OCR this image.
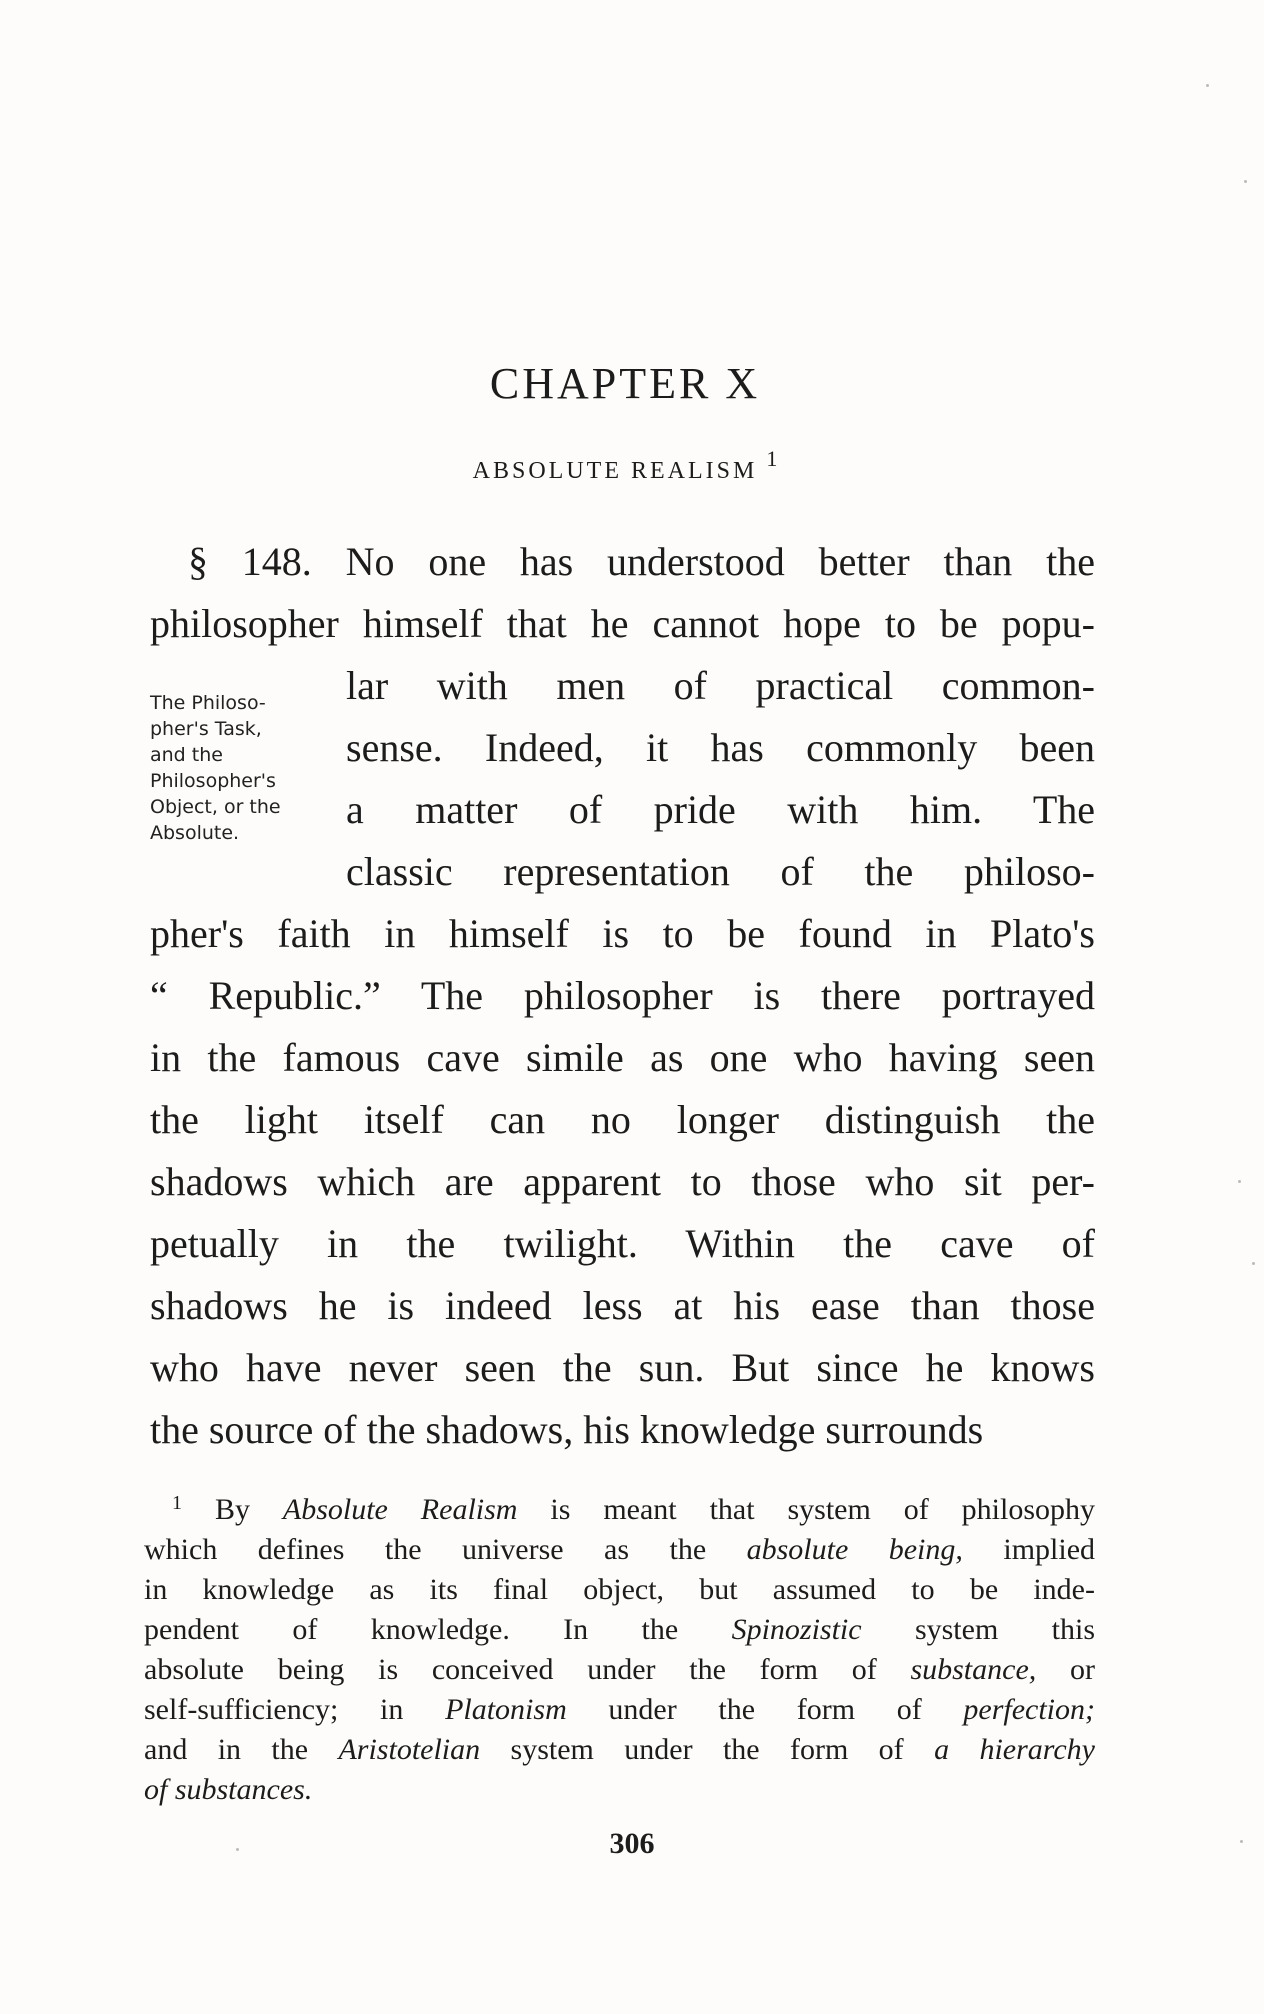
CHAPTER X
ABSOLUTE REALISM $^1$
The Philoso-
pher's Task,
and the
Philosopher's
Object, or the
Absolute.
§ 148. No one has understood better than the
philosopher himself that he cannot hope to be popu-
lar with men of practical common-
sense. Indeed, it has commonly been
a matter of pride with him. The
classic representation of the philoso-
pher's faith in himself is to be found in Plato's
“ Republic.” The philosopher is there portrayed
in the famous cave simile as one who having seen
the light itself can no longer distinguish the
shadows which are apparent to those who sit per-
petually in the twilight. Within the cave of
shadows he is indeed less at his ease than those
who have never seen the sun. But since he knows
the source of the shadows, his knowledge surrounds
$^1$ By Absolute Realism is meant that system of philosophy
which defines the universe as the absolute being, implied
in knowledge as its final object, but assumed to be inde-
pendent of knowledge. In the Spinozistic system this
absolute being is conceived under the form of substance, or
self-sufficiency; in Platonism under the form of perfection;
and in the Aristotelian system under the form of a hierarchy
of substances.
306
